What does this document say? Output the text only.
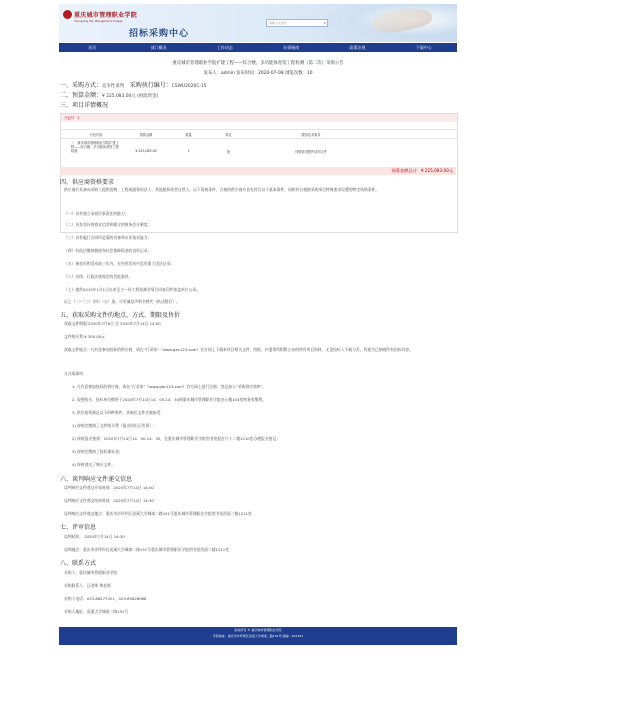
重庆城市管理职业学院
Chongqing City Management College
招标采购中心
请输入关键字	⌕
首页	部门概况	工作动态	办事指南	政策法规	下载中心
重庆城市管理职业学院扩建工程——综合楼、多功能体育馆工程检测（第二次）采购公告
发布人：admin 发布时间：2020-07-08 浏览次数：10
一、采购方式：竞争性谈判 采购执行编号：CSWU2020C-15
二、预算金额：¥ 225,083.00元 (财政资金)
三、项目详情概况
分包号：1
分包内容	预算金额	数量	单位	服务技术要求
一、重庆城市管理职业学院扩建工程——综合楼、多功能体育馆工程检测	¥ 225,083.00	1	批	详情请见附件谈判文件
预算金额总计：¥ 225,083.00元
四、供应商资格要求
供应商应具备向采购人提供货物、工程或服务的法人、其他组织或者自然人。以下资格条件，合格的供应商应首先符合以下基本条件，同时符合根据采购项目特殊要求设置的特定资格条件。
（一）具有独立承担民事责任的能力；
（二）具有良好的商业信誉和健全的财务会计制度；
（三）具有履行合同所必需的设备和专业技术能力；
（四）有依法缴纳税收和社会保障资金的良好记录；
（五）参加采购活动前三年内，在经营活动中没有重大违法记录；
（六）法律、行政法规规定的其他条件。
（七）提供2015年1月1日以来至少一份工程检测业绩合同复印件加盖单位公章。
以上（二）（三）（四）（五）条，可用诚信声明书替代（格式附后）。
五、获取采购文件的地点、方式、期限及售价
获取文件期限:2020年7月8日 至 2020年7月14日 14:00
文件购买费:¥ 300.00元
获取文件地点：凡有意参加投标的供应商，请在“行采家”（www.gec123.com）官方网上下载本项目相关文件、图纸、补遗等所附附公布的所有项目资料，无论投标人下载与否，均视为已知晓所有招标内容。
方式或事项：
1. 凡有意参加投标的供应商，请在“行采家”（www.gec123.com）官方网上进行注册，登记加入“采购供应商库”。
2. 现金购买：投标单位携带于2020年7月14日14：00-14：30到重庆城市管理职业学院办公楼104室财务室缴费。
3. 供应商须满足以下四种要件，其响应文件才被接受：
1) 按规定缴纳了文件购买费（报名时出示发票）；
2) 按时报名签到：2020年7月14日14：00-14：30，在重庆城市管理职业学院图书馆报告厅十二楼1210室办理报名签记；
3) 按规定缴纳了投标保证金；
4) 按时递交了响应文件。
六、谈判响应文件递交信息
谈判响应文件递交开始时间：2020年7月14日 14:00
谈判响应文件递交结束时间：2020年7月14日 14:30
谈判响应文件递交地点：重庆市沙坪坝区虎溪大学城南二路151号重庆城市管理职业学院图书馆西面二楼1211室
七、评审信息
谈判时间： 2020年7月14日 14:30
谈判地点：重庆市沙坪坝区虎溪大学城南二路151号重庆城市管理职业学院图书馆西面二楼1211室
八、联系方式
采购人：重庆城市管理职业学院
采购联系人：汪老师 黎老师
采购人电话：023-86277421，023-65626068
采购人地址：虎溪大学城南二路151号
版权所有 © 重庆城市管理职业学院
学院地址：重庆市沙坪坝区虎溪大学城南二路151号 邮编：401331
